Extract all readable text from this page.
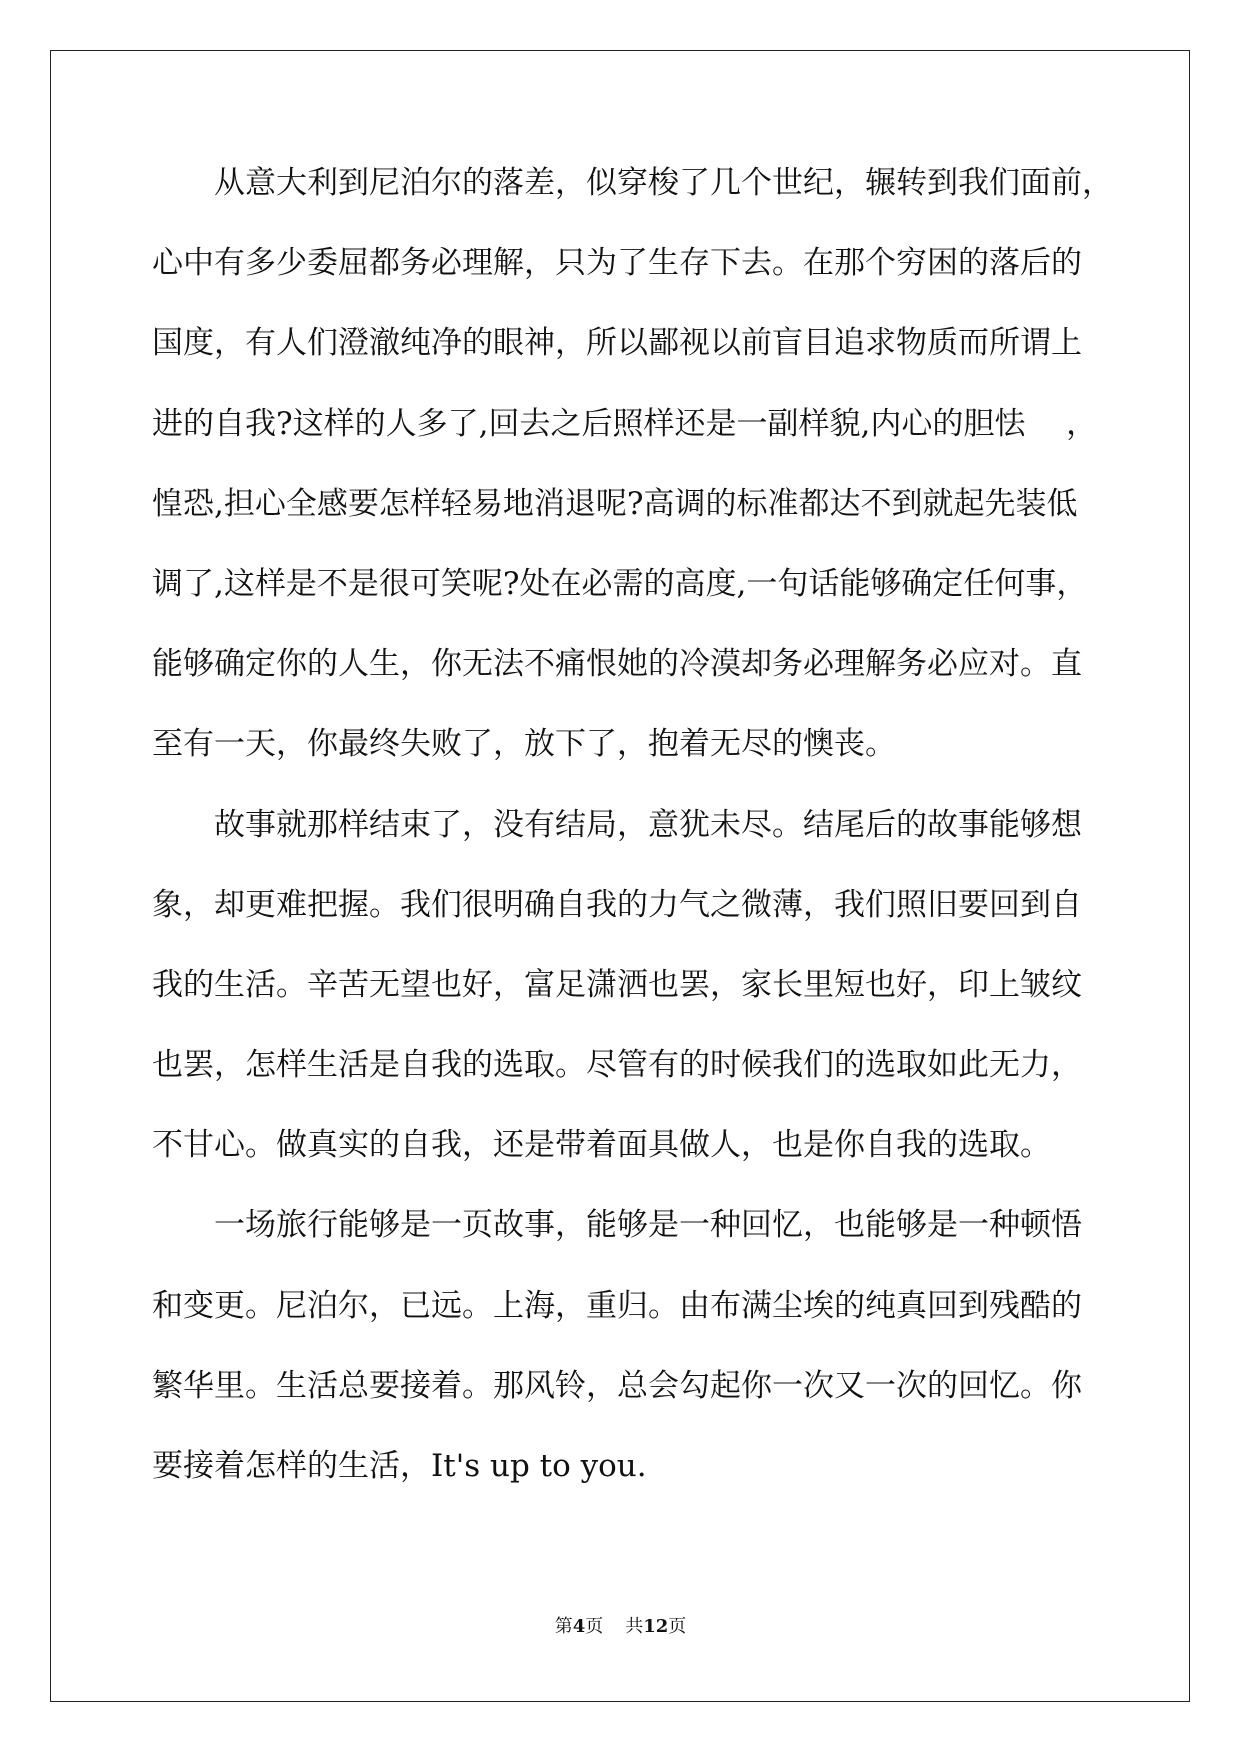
从意大利到尼泊尔的落差，似穿梭了几个世纪，辗转到我们面前，

心中有多少委屈都务必理解，只为了生存下去。在那个穷困的落后的

国度，有人们澄澈纯净的眼神，所以鄙视以前盲目追求物质而所谓上

进的自我?这样的人多了,回去之后照样还是一副样貌,内心的胆怯　 ，

惶恐,担心全感要怎样轻易地消退呢?高调的标准都达不到就起先装低

调了,这样是不是很可笑呢?处在必需的高度,一句话能够确定任何事，

能够确定你的人生，你无法不痛恨她的冷漠却务必理解务必应对。直

至有一天，你最终失败了，放下了，抱着无尽的懊丧。

故事就那样结束了，没有结局，意犹未尽。结尾后的故事能够想

象，却更难把握。我们很明确自我的力气之微薄，我们照旧要回到自

我的生活。辛苦无望也好，富足潇洒也罢，家长里短也好，印上皱纹

也罢，怎样生活是自我的选取。尽管有的时候我们的选取如此无力，

不甘心。做真实的自我，还是带着面具做人，也是你自我的选取。

一场旅行能够是一页故事，能够是一种回忆，也能够是一种顿悟

和变更。尼泊尔，已远。上海，重归。由布满尘埃的纯真回到残酷的

繁华里。生活总要接着。那风铃，总会勾起你一次又一次的回忆。你

要接着怎样的生活，It's up to you.

第4页 共12页
